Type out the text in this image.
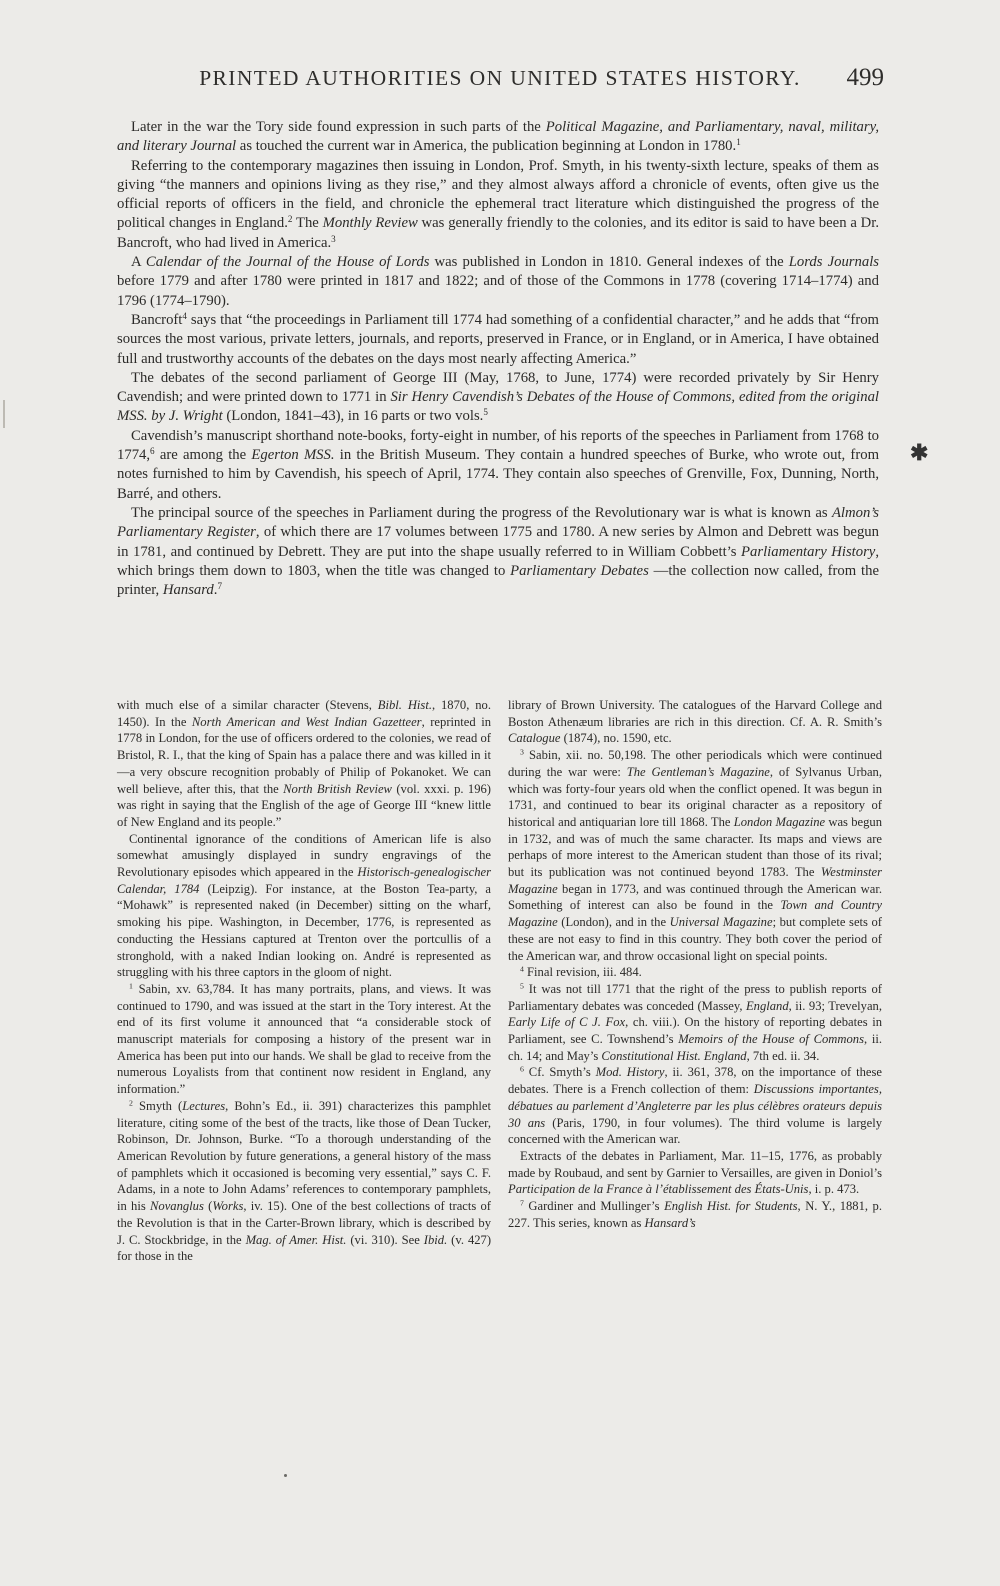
PRINTED AUTHORITIES ON UNITED STATES HISTORY. 499
✱

Later in the war the Tory side found expression in such parts of the Political Magazine, and Parliamentary, naval, military, and literary Journal as touched the current war in America, the publication beginning at London in 1780.$^1$

Referring to the contemporary magazines then issuing in London, Prof. Smyth, in his twenty-sixth lecture, speaks of them as giving “the manners and opinions living as they rise,” and they almost always afford a chronicle of events, often give us the official reports of officers in the field, and chronicle the ephemeral tract literature which distinguished the progress of the political changes in England.$^2$ The Monthly Review was generally friendly to the colonies, and its editor is said to have been a Dr. Bancroft, who had lived in America.$^3$

A Calendar of the Journal of the House of Lords was published in London in 1810. General indexes of the Lords Journals before 1779 and after 1780 were printed in 1817 and 1822; and of those of the Commons in 1778 (covering 1714–1774) and 1796 (1774–1790).

Bancroft$^4$ says that “the proceedings in Parliament till 1774 had something of a confidential character,” and he adds that “from sources the most various, private letters, journals, and reports, preserved in France, or in England, or in America, I have obtained full and trustworthy accounts of the debates on the days most nearly affecting America.”

The debates of the second parliament of George III (May, 1768, to June, 1774) were recorded privately by Sir Henry Cavendish; and were printed down to 1771 in Sir Henry Cavendish’s Debates of the House of Commons, edited from the original MSS. by J. Wright (London, 1841–43), in 16 parts or two vols.$^5$

Cavendish’s manuscript shorthand note-books, forty-eight in number, of his reports of the speeches in Parliament from 1768 to 1774,$^6$ are among the Egerton MSS. in the British Museum. They contain a hundred speeches of Burke, who wrote out, from notes furnished to him by Cavendish, his speech of April, 1774. They contain also speeches of Grenville, Fox, Dunning, North, Barré, and others.

The principal source of the speeches in Parliament during the progress of the Revolutionary war is what is known as Almon’s Parliamentary Register, of which there are 17 volumes between 1775 and 1780. A new series by Almon and Debrett was begun in 1781, and continued by Debrett. They are put into the shape usually referred to in William Cobbett’s Parliamentary History, which brings them down to 1803, when the title was changed to Parliamentary Debates —the collection now called, from the printer, Hansard.$^7$

with much else of a similar character (Stevens, Bibl. Hist., 1870, no. 1450). In the North American and West Indian Gazetteer, reprinted in 1778 in London, for the use of officers ordered to the colonies, we read of Bristol, R. I., that the king of Spain has a palace there and was killed in it —a very obscure recognition probably of Philip of Pokanoket. We can well believe, after this, that the North British Review (vol. xxxi. p. 196) was right in saying that the English of the age of George III “knew little of New England and its people.”

Continental ignorance of the conditions of American life is also somewhat amusingly displayed in sundry engravings of the Revolutionary episodes which appeared in the Historisch-genealogischer Calendar, 1784 (Leipzig). For instance, at the Boston Tea-party, a “Mohawk” is represented naked (in December) sitting on the wharf, smoking his pipe. Washington, in December, 1776, is represented as conducting the Hessians captured at Trenton over the portcullis of a stronghold, with a naked Indian looking on. André is represented as struggling with his three captors in the gloom of night.

$^1$ Sabin, xv. 63,784. It has many portraits, plans, and views. It was continued to 1790, and was issued at the start in the Tory interest. At the end of its first volume it announced that “a considerable stock of manuscript materials for composing a history of the present war in America has been put into our hands. We shall be glad to receive from the numerous Loyalists from that continent now resident in England, any information.”

$^2$ Smyth (Lectures, Bohn’s Ed., ii. 391) characterizes this pamphlet literature, citing some of the best of the tracts, like those of Dean Tucker, Robinson, Dr. Johnson, Burke. “To a thorough understanding of the American Revolution by future generations, a general history of the mass of pamphlets which it occasioned is becoming very essential,” says C. F. Adams, in a note to John Adams’ references to contemporary pamphlets, in his Novanglus (Works, iv. 15). One of the best collections of tracts of the Revolution is that in the Carter-Brown library, which is described by J. C. Stockbridge, in the Mag. of Amer. Hist. (vi. 310). See Ibid. (v. 427) for those in the

library of Brown University. The catalogues of the Harvard College and Boston Athenæum libraries are rich in this direction. Cf. A. R. Smith’s Catalogue (1874), no. 1590, etc.

$^3$ Sabin, xii. no. 50,198. The other periodicals which were continued during the war were: The Gentleman’s Magazine, of Sylvanus Urban, which was forty-four years old when the conflict opened. It was begun in 1731, and continued to bear its original character as a repository of historical and antiquarian lore till 1868. The London Magazine was begun in 1732, and was of much the same character. Its maps and views are perhaps of more interest to the American student than those of its rival; but its publication was not continued beyond 1783. The Westminster Magazine began in 1773, and was continued through the American war. Something of interest can also be found in the Town and Country Magazine (London), and in the Universal Magazine; but complete sets of these are not easy to find in this country. They both cover the period of the American war, and throw occasional light on special points.

$^4$ Final revision, iii. 484.

$^5$ It was not till 1771 that the right of the press to publish reports of Parliamentary debates was conceded (Massey, England, ii. 93; Trevelyan, Early Life of C J. Fox, ch. viii.). On the history of reporting debates in Parliament, see C. Townshend’s Memoirs of the House of Commons, ii. ch. 14; and May’s Constitutional Hist. England, 7th ed. ii. 34.

$^6$ Cf. Smyth’s Mod. History, ii. 361, 378, on the importance of these debates. There is a French collection of them: Discussions importantes, débatues au parlement d’Angleterre par les plus célèbres orateurs depuis 30 ans (Paris, 1790, in four volumes). The third volume is largely concerned with the American war.

Extracts of the debates in Parliament, Mar. 11–15, 1776, as probably made by Roubaud, and sent by Garnier to Versailles, are given in Doniol’s Participation de la France à l’établissement des États-Unis, i. p. 473.

$^7$ Gardiner and Mullinger’s English Hist. for Students, N. Y., 1881, p. 227. This series, known as Hansard’s
